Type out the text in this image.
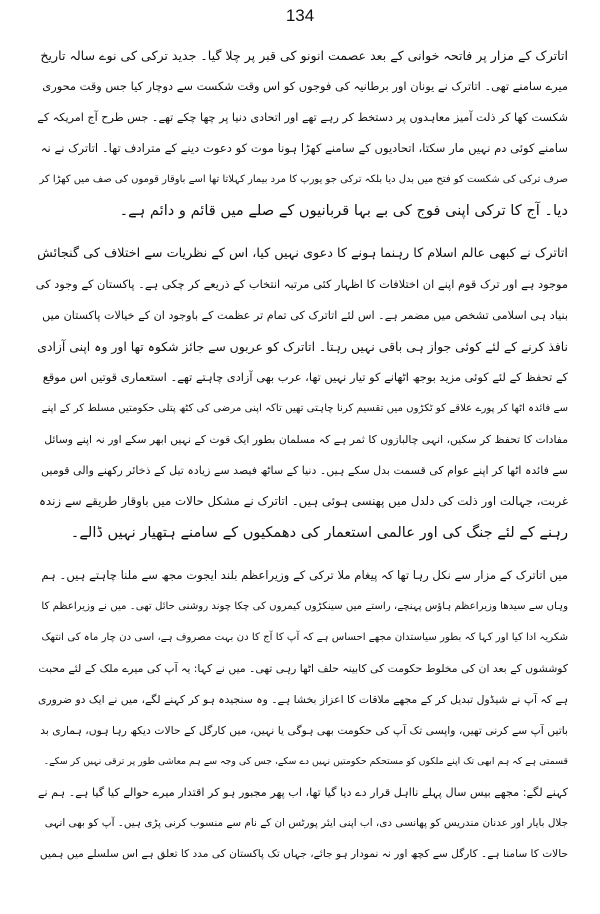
134

اتاترک کے مزار پر فاتحہ خوانی کے بعد عصمت انونو کی قبر پر چلا گیا۔ جدید ترکی کی نوے سالہ تاریخ
میرے سامنے تھی۔ اتاترک نے یونان اور برطانیہ کی فوجوں کو اس وقت شکست سے دوچار کیا جس وقت محوری
شکست کھا کر ذلت آمیز معاہدوں پر دستخط کر رہے تھے اور اتحادی دنیا پر چھا چکے تھے۔ جس طرح آج امریکہ کے
سامنے کوئی دم نہیں مار سکتا، اتحادیوں کے سامنے کھڑا ہونا موت کو دعوت دینے کے مترادف تھا۔ اتاترک نے نہ
صرف ترکی کی شکست کو فتح میں بدل دیا بلکہ ترکی جو یورپ کا مرد بیمار کہلاتا تھا اسے باوقار قوموں کی صف میں کھڑا کر
دیا۔ آج کا ترکی اپنی فوج کی بے بہا قربانیوں کے صلے میں قائم و دائم ہے۔

اتاترک نے کبھی عالم اسلام کا رہنما ہونے کا دعوی نہیں کیا، اس کے نظریات سے اختلاف کی گنجائش
موجود ہے اور ترک قوم اپنے ان اختلافات کا اظہار کئی مرتبہ انتخاب کے ذریعے کر چکی ہے۔ پاکستان کے وجود کی
بنیاد ہی اسلامی تشخص میں مضمر ہے۔ اس لئے اتاترک کی تمام تر عظمت کے باوجود ان کے خیالات پاکستان میں
نافذ کرنے کے لئے کوئی جواز ہی باقی نہیں رہتا۔ اتاترک کو عربوں سے جائز شکوہ تھا اور وہ اپنی آزادی
کے تحفظ کے لئے کوئی مزید بوجھ اٹھانے کو تیار نہیں تھا، عرب بھی آزادی چاہتے تھے۔ استعماری قوتیں اس موقع
سے فائدہ اٹھا کر پورے علاقے کو ٹکڑوں میں تقسیم کرنا چاہتی تھیں تاکہ اپنی مرضی کی کٹھ پتلی حکومتیں مسلط کر کے اپنے
مفادات کا تحفظ کر سکیں، انہی چالبازوں کا ثمر ہے کہ مسلمان بطور ایک قوت کے نہیں ابھر سکے اور نہ اپنے وسائل
سے فائدہ اٹھا کر اپنے عوام کی قسمت بدل سکے ہیں۔ دنیا کے ساٹھ فیصد سے زیادہ تیل کے ذخائر رکھنے والی قومیں
غربت، جہالت اور ذلت کی دلدل میں پھنسی ہوئی ہیں۔ اتاترک نے مشکل حالات میں باوقار طریقے سے زندہ
رہنے کے لئے جنگ کی اور عالمی استعمار کی دھمکیوں کے سامنے ہتھیار نہیں ڈالے۔

میں اتاترک کے مزار سے نکل رہا تھا کہ پیغام ملا ترکی کے وزیراعظم بلند ایجوت مجھ سے ملنا چاہتے ہیں۔ ہم
وہاں سے سیدھا وزیراعظم ہاؤس پہنچے، راستے میں سینکڑوں کیمروں کی چکا چوند روشنی حائل تھی۔ میں نے وزیراعظم کا
شکریہ ادا کیا اور کہا کہ بطور سیاستدان مجھے احساس ہے کہ آپ کا آج کا دن بہت مصروف ہے، اسی دن چار ماہ کی انتھک
کوششوں کے بعد ان کی مخلوط حکومت کی کابینہ حلف اٹھا رہی تھی۔ میں نے کہا: یہ آپ کی میرے ملک کے لئے محبت
ہے کہ آپ نے شیڈول تبدیل کر کے مجھے ملاقات کا اعزاز بخشا ہے۔ وہ سنجیدہ ہو کر کہنے لگے، میں نے ایک دو ضروری
باتیں آپ سے کرنی تھیں، واپسی تک آپ کی حکومت بھی ہوگی یا نہیں، میں کارگل کے حالات دیکھ رہا ہوں، ہماری بد
قسمتی ہے کہ ہم ابھی تک اپنے ملکوں کو مستحکم حکومتیں نہیں دے سکے، جس کی وجہ سے ہم معاشی طور پر ترقی نہیں کر سکے۔
کہنے لگے: مجھے بیس سال پہلے نااہل قرار دے دیا گیا تھا، اب پھر مجبور ہو کر اقتدار میرے حوالے کیا گیا ہے۔ ہم نے
جلال بایار اور عدنان مندریس کو پھانسی دی، اب اپنی ایئر پورٹس ان کے نام سے منسوب کرنی پڑی ہیں۔ آپ کو بھی انہی
حالات کا سامنا ہے۔ کارگل سے کچھ اور نہ نمودار ہو جائے، جہاں تک پاکستان کی مدد کا تعلق ہے اس سلسلے میں ہمیں
